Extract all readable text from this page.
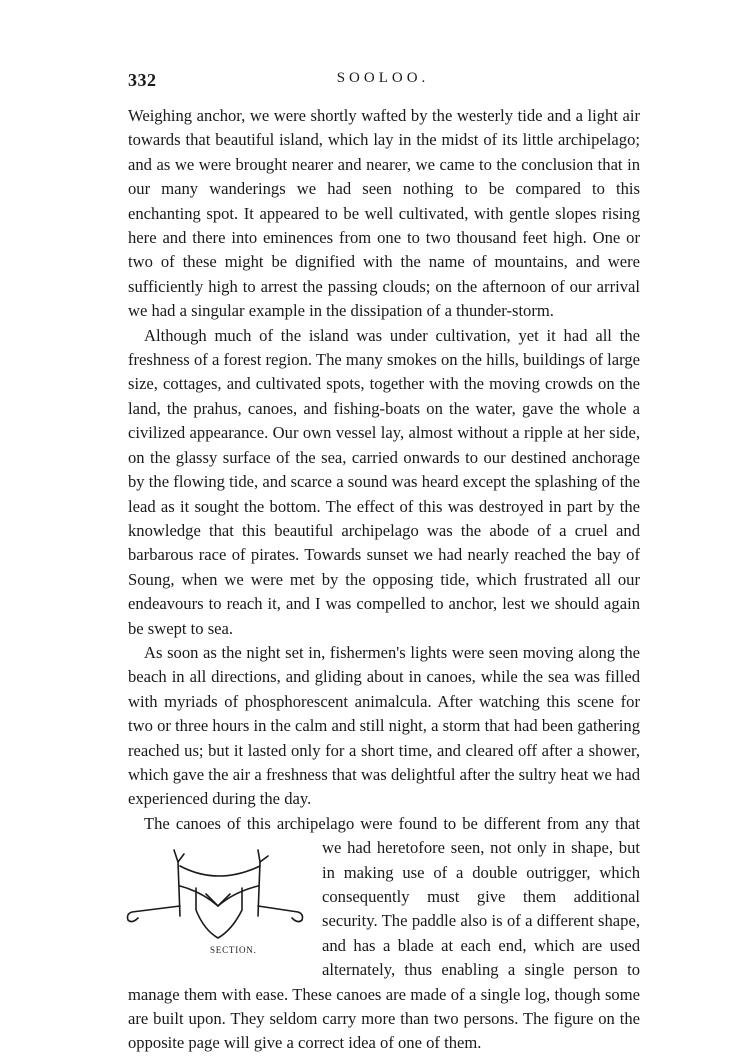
332	SOOLOO.

Weighing anchor, we were shortly wafted by the westerly tide and a light air towards that beautiful island, which lay in the midst of its little archipelago; and as we were brought nearer and nearer, we came to the conclusion that in our many wanderings we had seen nothing to be compared to this enchanting spot. It appeared to be well cultivated, with gentle slopes rising here and there into eminences from one to two thousand feet high. One or two of these might be dignified with the name of mountains, and were sufficiently high to arrest the passing clouds; on the afternoon of our arrival we had a singular example in the dissipation of a thunder-storm.

Although much of the island was under cultivation, yet it had all the freshness of a forest region. The many smokes on the hills, buildings of large size, cottages, and cultivated spots, together with the moving crowds on the land, the prahus, canoes, and fishing-boats on the water, gave the whole a civilized appearance. Our own vessel lay, almost without a ripple at her side, on the glassy surface of the sea, carried onwards to our destined anchorage by the flowing tide, and scarce a sound was heard except the splashing of the lead as it sought the bottom. The effect of this was destroyed in part by the knowledge that this beautiful archipelago was the abode of a cruel and barbarous race of pirates. Towards sunset we had nearly reached the bay of Soung, when we were met by the opposing tide, which frustrated all our endeavours to reach it, and I was compelled to anchor, lest we should again be swept to sea.

As soon as the night set in, fishermen's lights were seen moving along the beach in all directions, and gliding about in canoes, while the sea was filled with myriads of phosphorescent animalcula. After watching this scene for two or three hours in the calm and still night, a storm that had been gathering reached us; but it lasted only for a short time, and cleared off after a shower, which gave the air a freshness that was delightful after the sultry heat we had experienced during the day.

The canoes of this archipelago were found to be different from any
SECTION.
that we had heretofore seen, not only in shape, but in making use of a double outrigger, which consequently must give them additional security. The paddle also is of a different shape, and has a blade at each end, which are used alternately, thus enabling a single person to manage them with ease. These canoes are made of a single log, though some are built upon. They seldom carry more than two persons. The figure on the opposite page will give a correct idea of one of them.
